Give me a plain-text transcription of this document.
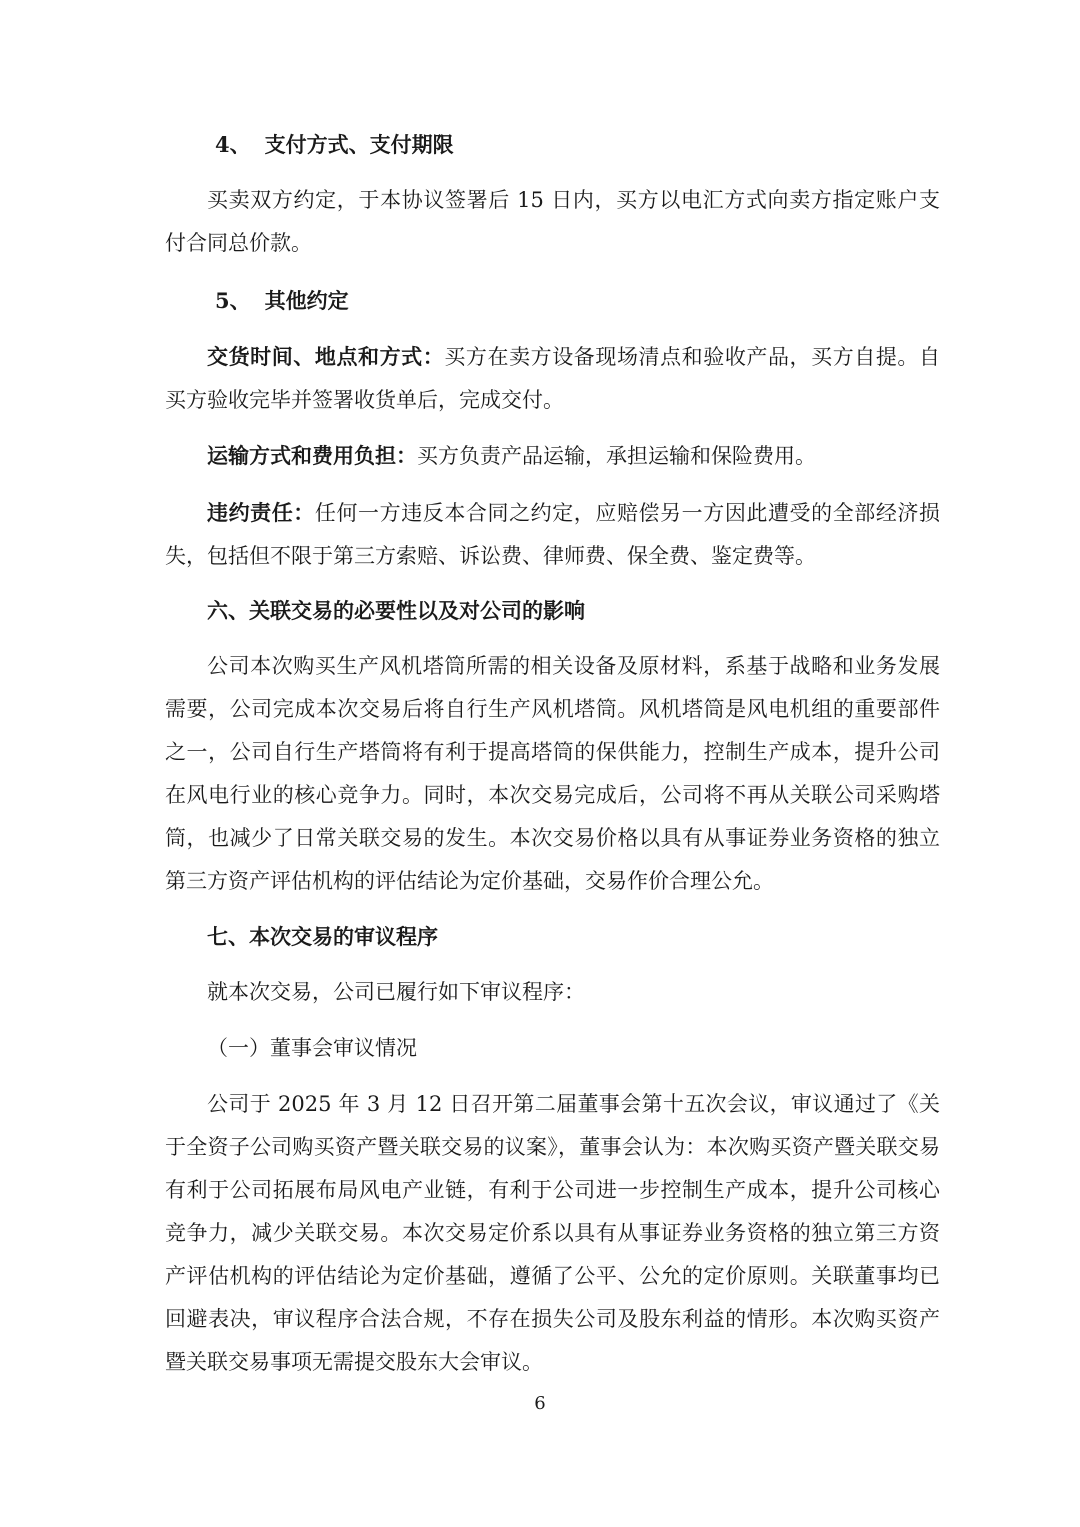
4、 支付方式、支付期限

买卖双方约定，于本协议签署后 15 日内，买方以电汇方式向卖方指定账户支付合同总价款。

5、 其他约定

交货时间、地点和方式：买方在卖方设备现场清点和验收产品，买方自提。自买方验收完毕并签署收货单后，完成交付。

运输方式和费用负担：买方负责产品运输，承担运输和保险费用。

违约责任：任何一方违反本合同之约定，应赔偿另一方因此遭受的全部经济损失，包括但不限于第三方索赔、诉讼费、律师费、保全费、鉴定费等。

六、关联交易的必要性以及对公司的影响

公司本次购买生产风机塔筒所需的相关设备及原材料，系基于战略和业务发展需要，公司完成本次交易后将自行生产风机塔筒。风机塔筒是风电机组的重要部件之一，公司自行生产塔筒将有利于提高塔筒的保供能力，控制生产成本，提升公司在风电行业的核心竞争力。同时，本次交易完成后，公司将不再从关联公司采购塔筒，也减少了日常关联交易的发生。本次交易价格以具有从事证券业务资格的独立第三方资产评估机构的评估结论为定价基础，交易作价合理公允。

七、本次交易的审议程序

就本次交易，公司已履行如下审议程序：

（一）董事会审议情况

公司于 2025 年 3 月 12 日召开第二届董事会第十五次会议，审议通过了《关于全资子公司购买资产暨关联交易的议案》，董事会认为：本次购买资产暨关联交易有利于公司拓展布局风电产业链，有利于公司进一步控制生产成本，提升公司核心竞争力，减少关联交易。本次交易定价系以具有从事证券业务资格的独立第三方资产评估机构的评估结论为定价基础，遵循了公平、公允的定价原则。关联董事均已回避表决，审议程序合法合规，不存在损失公司及股东利益的情形。本次购买资产暨关联交易事项无需提交股东大会审议。

6
